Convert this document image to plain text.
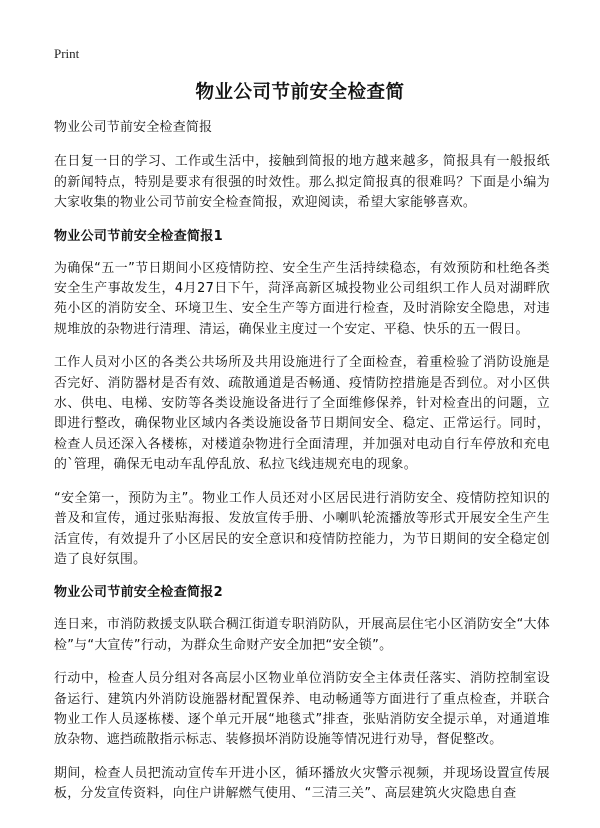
Print
物业公司节前安全检查简

物业公司节前安全检查简报

在日复一日的学习、工作或生活中，接触到简报的地方越来越多，简报具有一般报纸的新闻特点，特别是要求有很强的时效性。那么拟定简报真的很难吗？下面是小编为大家收集的物业公司节前安全检查简报，欢迎阅读，希望大家能够喜欢。

物业公司节前安全检查简报1

为确保“五一”节日期间小区疫情防控、安全生产生活持续稳态，有效预防和杜绝各类安全生产事故发生，4月27日下午，菏泽高新区城投物业公司组织工作人员对湖畔欣苑小区的消防安全、环境卫生、安全生产等方面进行检查，及时消除安全隐患，对违规堆放的杂物进行清理、清运，确保业主度过一个安定、平稳、快乐的五一假日。

工作人员对小区的各类公共场所及共用设施进行了全面检查，着重检验了消防设施是否完好、消防器材是否有效、疏散通道是否畅通、疫情防控措施是否到位。对小区供水、供电、电梯、安防等各类设施设备进行了全面维修保养，针对检查出的问题，立即进行整改，确保物业区域内各类设施设备节日期间安全、稳定、正常运行。同时，检查人员还深入各楼栋，对楼道杂物进行全面清理，并加强对电动自行车停放和充电的`管理，确保无电动车乱停乱放、私拉飞线违规充电的现象。

“安全第一，预防为主”。物业工作人员还对小区居民进行消防安全、疫情防控知识的普及和宣传，通过张贴海报、发放宣传手册、小喇叭轮流播放等形式开展安全生产生活宣传，有效提升了小区居民的安全意识和疫情防控能力，为节日期间的安全稳定创造了良好氛围。

物业公司节前安全检查简报2

连日来，市消防救援支队联合稠江街道专职消防队，开展高层住宅小区消防安全“大体检”与“大宣传”行动，为群众生命财产安全加把“安全锁”。

行动中，检查人员分组对各高层小区物业单位消防安全主体责任落实、消防控制室设备运行、建筑内外消防设施器材配置保养、电动畅通等方面进行了重点检查，并联合物业工作人员逐栋楼、逐个单元开展“地毯式”排查，张贴消防安全提示单，对通道堆放杂物、遮挡疏散指示标志、装修损坏消防设施等情况进行劝导，督促整改。

期间，检查人员把流动宣传车开进小区，循环播放火灾警示视频，并现场设置宣传展板，分发宣传资料，向住户讲解燃气使用、“三清三关”、高层建筑火灾隐患自查
